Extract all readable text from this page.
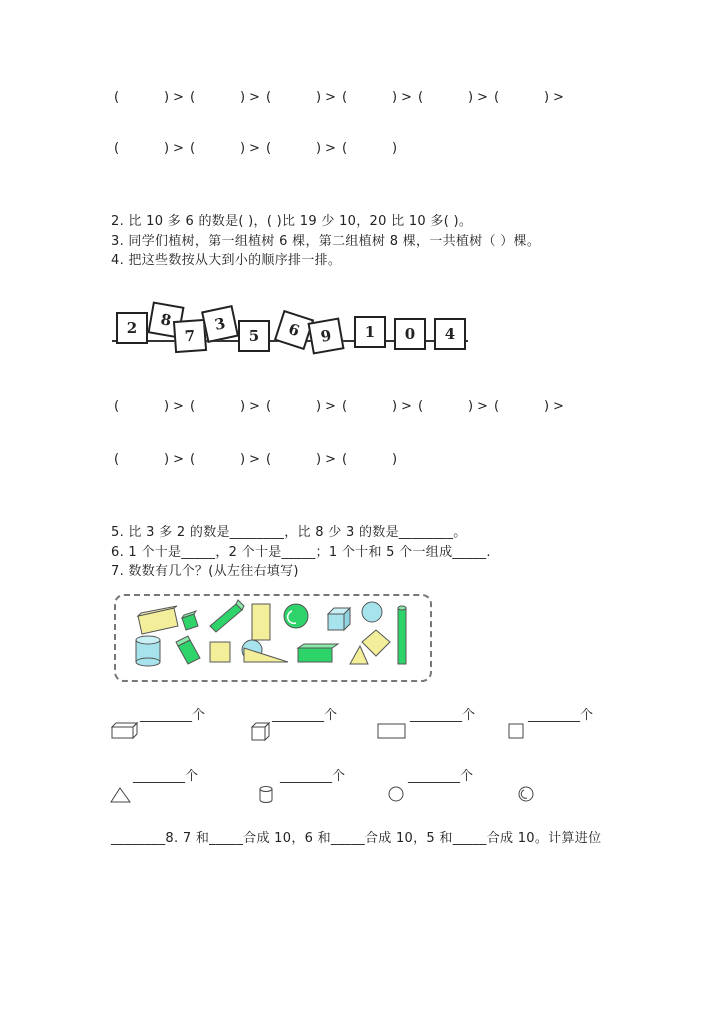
(	) > (	) > (	) > (	) > (	) > (	) >
(	) > (	) > (	) > (	)
2. 比 10 多 6 的数是( )，( )比 19 少 10，20 比 10 多( )。
3. 同学们植树，第一组植树 6 棵，第二组植树 8 棵，一共植树（ ）棵。
4. 把这些数按从大到小的顺序排一排。
2	8
7
3
5	6	9	1	0	4
(	) > (	) > (	) > (	) > (	) > (	) >
(	) > (	) > (	) > (	)
5. 比 3 多 2 的数是________，比 8 少 3 的数是________。
6. 1 个十是_____，2 个十是_____；1 个十和 5 个一组成_____.
7. 数数有几个？(从左往右填写)
________个	________个	________个	________个
________个	________个	________个
________8. 7 和_____合成 10，6 和_____合成 10，5 和_____合成 10。计算进位
